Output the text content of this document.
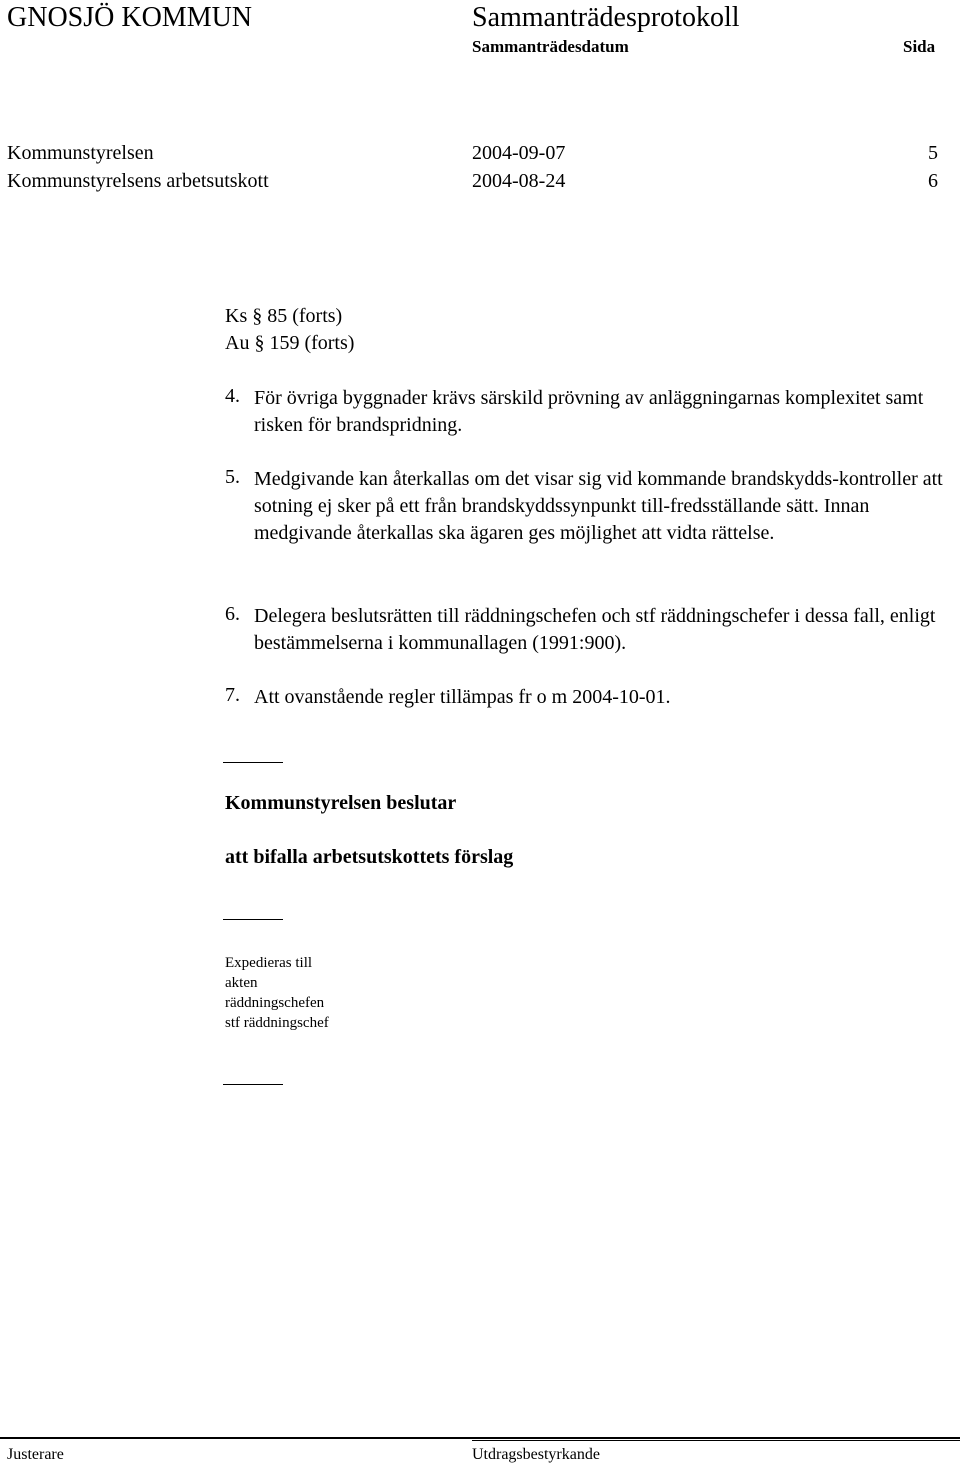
GNOSJÖ KOMMUN	Sammanträdesprotokoll
Sammanträdesdatum	Sida
Kommunstyrelsen	2004-09-07	5
Kommunstyrelsens arbetsutskott	2004-08-24	6
Ks § 85 (forts)
Au § 159 (forts)
4. För övriga byggnader krävs särskild prövning av anläggningarnas komplexitet samt risken för brandspridning.
5. Medgivande kan återkallas om det visar sig vid kommande brandskydds-kontroller att sotning ej sker på ett från brandskyddssynpunkt till-fredsställande sätt. Innan medgivande återkallas ska ägaren ges möjlighet att vidta rättelse.
6. Delegera beslutsrätten till räddningschefen och stf räddningschefer i dessa fall, enligt bestämmelserna i kommunallagen (1991:900).
7. Att ovanstående regler tillämpas fr o m 2004-10-01.
Kommunstyrelsen beslutar
att bifalla arbetsutskottets förslag
Expedieras till
akten
räddningschefen
stf räddningschef
Justerare	Utdragsbestyrkande
